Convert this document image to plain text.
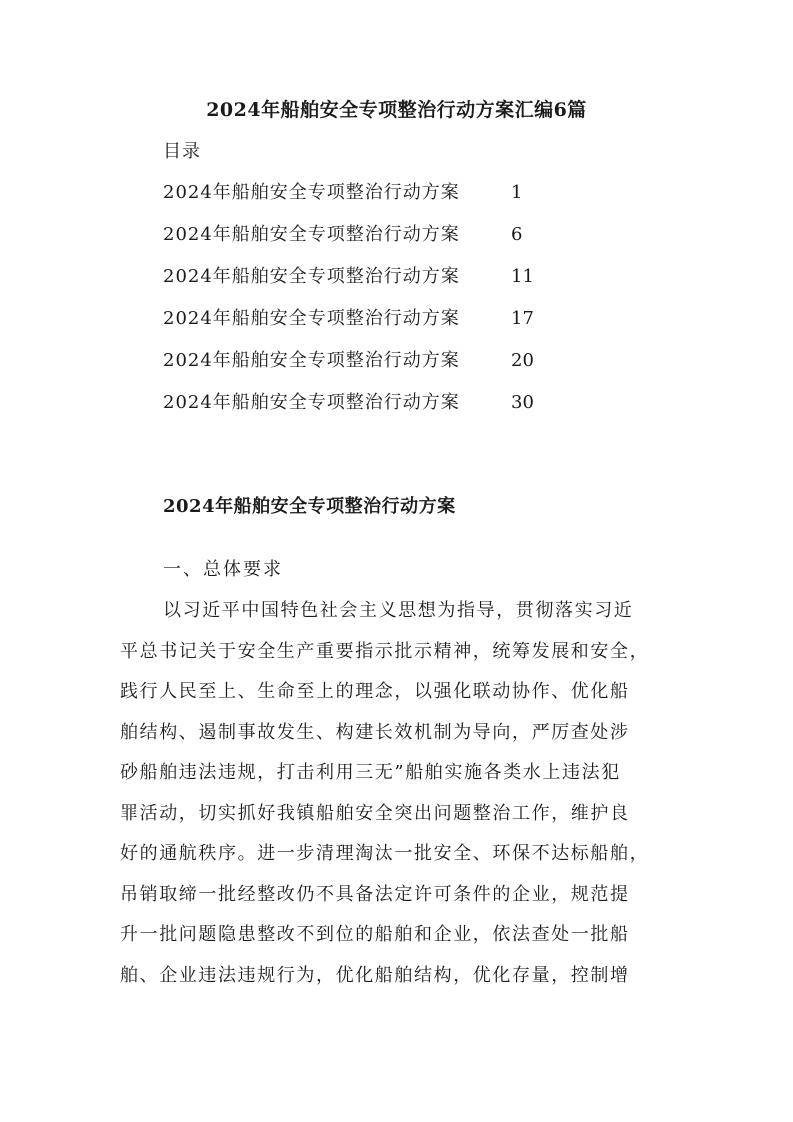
2024年船舶安全专项整治行动方案汇编6篇
目录
2024年船舶安全专项整治行动方案	1
2024年船舶安全专项整治行动方案	6
2024年船舶安全专项整治行动方案	11
2024年船舶安全专项整治行动方案	17
2024年船舶安全专项整治行动方案	20
2024年船舶安全专项整治行动方案	30
2024年船舶安全专项整治行动方案
一、总体要求
以习近平中国特色社会主义思想为指导，贯彻落实习近
平总书记关于安全生产重要指示批示精神，统筹发展和安全，
践行人民至上、生命至上的理念，以强化联动协作、优化船
舶结构、遏制事故发生、构建长效机制为导向，严厉查处涉
砂船舶违法违规，打击利用三无”船舶实施各类水上违法犯
罪活动，切实抓好我镇船舶安全突出问题整治工作，维护良
好的通航秩序。进一步清理淘汰一批安全、环保不达标船舶，
吊销取缔一批经整改仍不具备法定许可条件的企业，规范提
升一批问题隐患整改不到位的船舶和企业，依法查处一批船
舶、企业违法违规行为，优化船舶结构，优化存量，控制增
